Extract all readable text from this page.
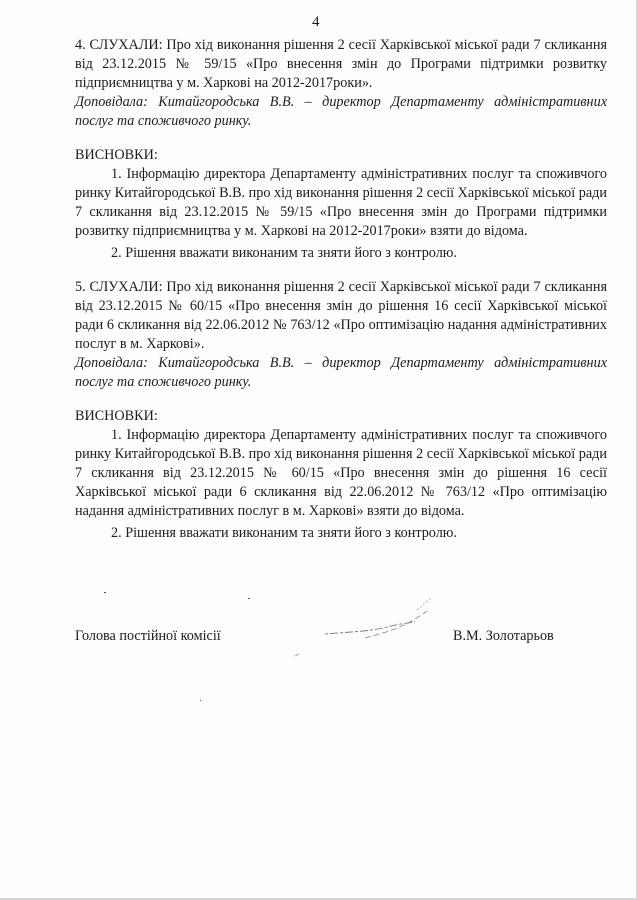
4

4. СЛУХАЛИ: Про хід виконання рішення 2 сесії Харківської міської ради 7 скликання від 23.12.2015 № 59/15 «Про внесення змін до Програми підтримки розвитку підприємництва у м. Харкові на 2012-2017роки».

Доповідала: Китайгородська В.В. – директор Департаменту адміністративних послуг та споживчого ринку.

ВИСНОВКИ:

1. Інформацію директора Департаменту адміністративних послуг та споживчого ринку Китайгородської В.В. про хід виконання рішення 2 сесії Харківської міської ради 7 скликання від 23.12.2015 № 59/15 «Про внесення змін до Програми підтримки розвитку підприємництва у м. Харкові на 2012-2017роки» взяти до відома.

2. Рішення вважати виконаним та зняти його з контролю.

5. СЛУХАЛИ: Про хід виконання рішення 2 сесії Харківської міської ради 7 скликання від 23.12.2015 № 60/15 «Про внесення змін до рішення 16 сесії Харківської міської ради 6 скликання від 22.06.2012 № 763/12 «Про оптимізацію надання адміністративних послуг в м. Харкові».

Доповідала: Китайгородська В.В. – директор Департаменту адміністративних послуг та споживчого ринку.

ВИСНОВКИ:

1. Інформацію директора Департаменту адміністративних послуг та споживчого ринку Китайгородської В.В. про хід виконання рішення 2 сесії Харківської міської ради 7 скликання від 23.12.2015 № 60/15 «Про внесення змін до рішення 16 сесії Харківської міської ради 6 скликання від 22.06.2012 № 763/12 «Про оптимізацію надання адміністративних послуг в м. Харкові» взяти до відома.

2. Рішення вважати виконаним та зняти його з контролю.

Голова постійної комісії	В.М. Золотарьов
